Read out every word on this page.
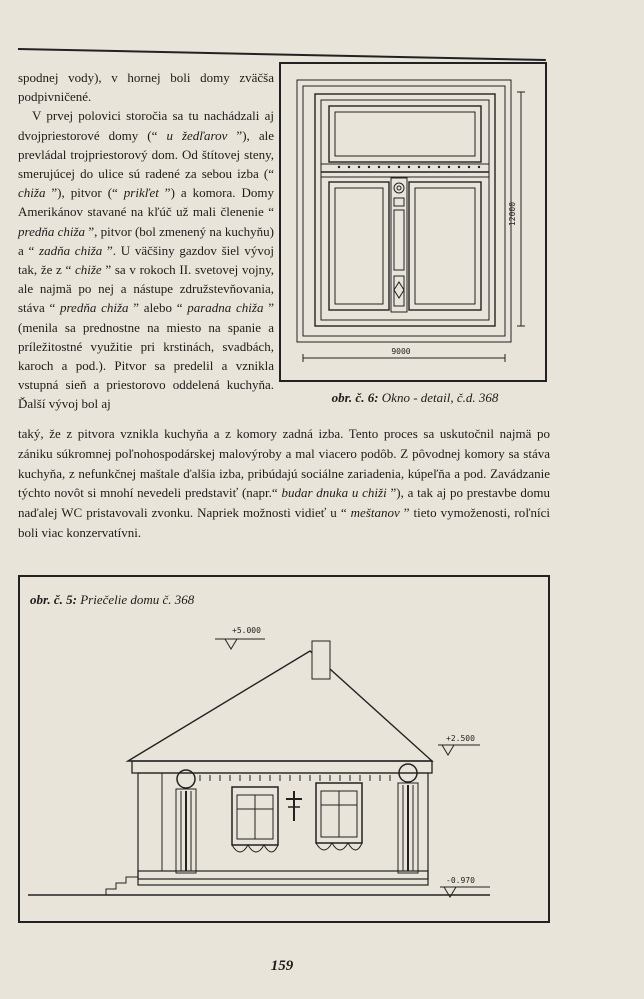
spodnej vody), v hornej boli domy zväčša podpivničené.

V prvej polovici storočia sa tu nachádzali aj dvojpriestorové domy (“ u žedľarov ”), ale prevládal trojpriestorový dom. Od štítovej steny, smerujúcej do ulice sú radené za sebou izba (“ chiža ”), pitvor (“ prikľet ”) a komora. Domy Amerikánov stavané na kľúč už mali členenie “ predňa chiža ”, pitvor (bol zmenený na kuchyňu) a “ zadňa chiža ”. U väčšiny gazdov šiel vývoj tak, že z “ chiže ” sa v rokoch II. svetovej vojny, ale najmä po nej a nástupe združstevňovania, stáva “ predňa chiža ” alebo “ paradna chiža ” (menila sa prednostne na miesto na spanie a príležitostné využitie pri krstinách, svadbách, karoch a pod.). Pitvor sa predelil a vznikla vstupná sieň a priestorovo oddelená kuchyňa. Ďalší vývoj bol aj

9000
12000
obr. č. 6: Okno - detail, č.d. 368
taký, že z pitvora vznikla kuchyňa a z komory zadná izba. Tento proces sa uskutočnil najmä po zániku súkromnej poľnohospodárskej malovýroby a mal viacero podôb. Z pôvodnej komory sa stáva kuchyňa, z nefunkčnej maštale ďalšia izba, pribúdajú sociálne zariadenia, kúpeľňa a pod. Zavádzanie týchto novôt si mnohí nevedeli predstaviť (napr.“ budar dnuka u chiži ”), a tak aj po prestavbe domu naďalej WC pristavovali zvonku. Napriek možnosti vidieť u “ meštanov ” tieto vymoženosti, roľníci boli viac konzervatívni.
+5.000
+2.500
-0.970
obr. č. 5: Priečelie domu č. 368
159
